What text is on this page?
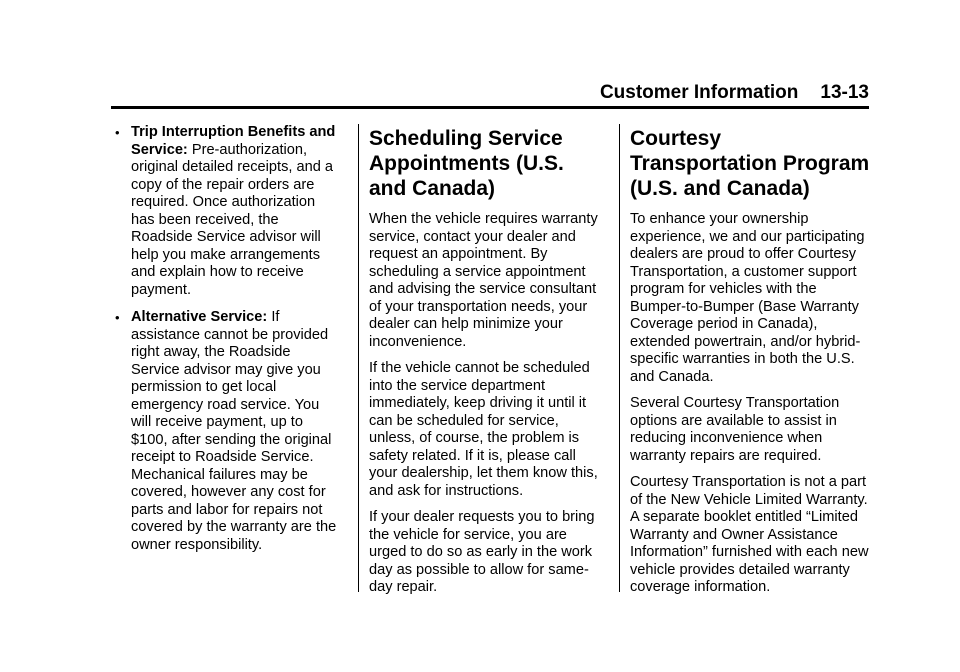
Customer Information 13-13

• Trip Interruption Benefits and Service: Pre-authorization, original detailed receipts, and a copy of the repair orders are required. Once authorization has been received, the Roadside Service advisor will help you make arrangements and explain how to receive payment.

• Alternative Service: If assistance cannot be provided right away, the Roadside Service advisor may give you permission to get local emergency road service. You will receive payment, up to $100, after sending the original receipt to Roadside Service. Mechanical failures may be covered, however any cost for parts and labor for repairs not covered by the warranty are the owner responsibility.

Scheduling Service Appointments (U.S. and Canada)

When the vehicle requires warranty service, contact your dealer and request an appointment. By scheduling a service appointment and advising the service consultant of your transportation needs, your dealer can help minimize your inconvenience.

If the vehicle cannot be scheduled into the service department immediately, keep driving it until it can be scheduled for service, unless, of course, the problem is safety related. If it is, please call your dealership, let them know this, and ask for instructions.

If your dealer requests you to bring the vehicle for service, you are urged to do so as early in the work day as possible to allow for same-day repair.

Courtesy Transportation Program (U.S. and Canada)

To enhance your ownership experience, we and our participating dealers are proud to offer Courtesy Transportation, a customer support program for vehicles with the Bumper-to-Bumper (Base Warranty Coverage period in Canada), extended powertrain, and/or hybrid-specific warranties in both the U.S. and Canada.

Several Courtesy Transportation options are available to assist in reducing inconvenience when warranty repairs are required.

Courtesy Transportation is not a part of the New Vehicle Limited Warranty. A separate booklet entitled “Limited Warranty and Owner Assistance Information” furnished with each new vehicle provides detailed warranty coverage information.
